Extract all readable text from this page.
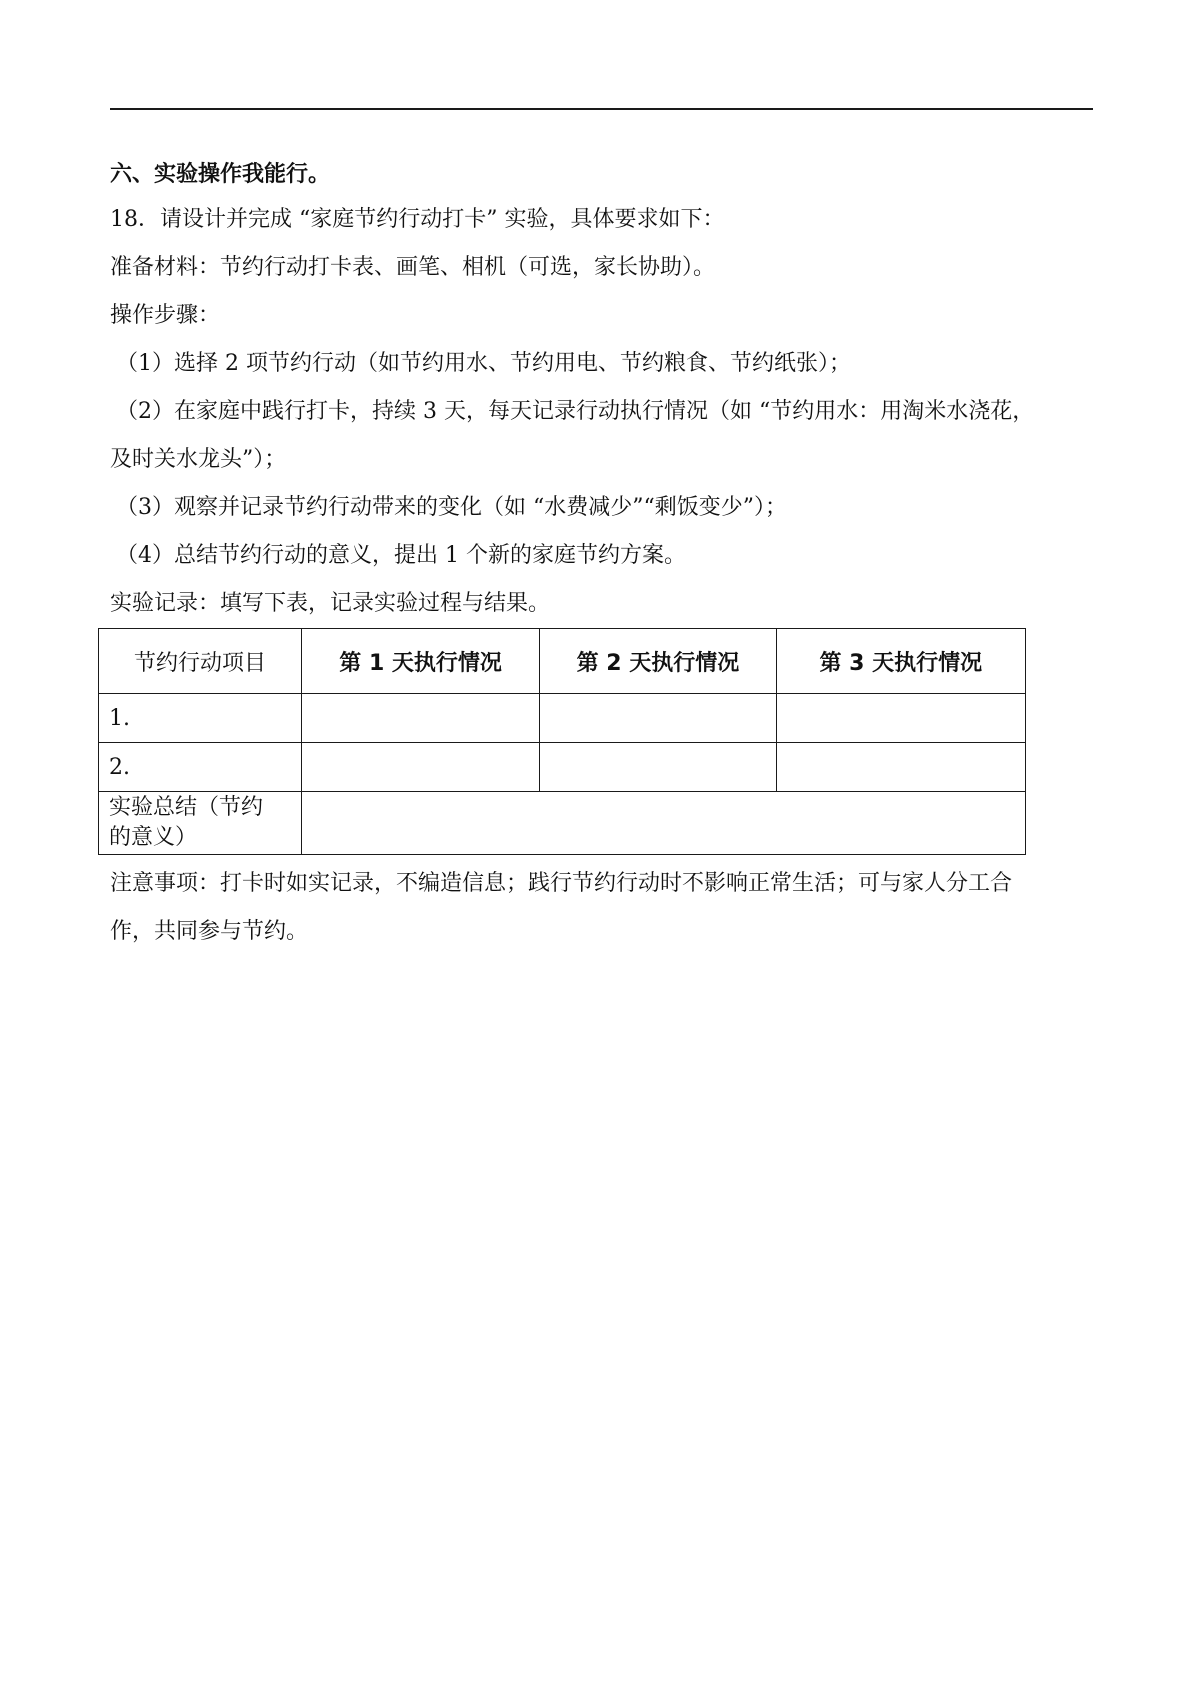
六、实验操作我能行。
18．请设计并完成 “家庭节约行动打卡” 实验，具体要求如下：
准备材料：节约行动打卡表、画笔、相机（可选，家长协助）。
操作步骤：
（1）选择 2 项节约行动（如节约用水、节约用电、节约粮食、节约纸张）；
（2）在家庭中践行打卡，持续 3 天，每天记录行动执行情况（如 “节约用水：用淘米水浇花，
及时关水龙头”）；
（3）观察并记录节约行动带来的变化（如 “水费减少”“剩饭变少”）；
（4）总结节约行动的意义，提出 1 个新的家庭节约方案。
实验记录：填写下表，记录实验过程与结果。
节约行动项目	第 1 天执行情况	第 2 天执行情况	第 3 天执行情况
1.			
2.			
实验总结（节约
的意义）			
注意事项：打卡时如实记录，不编造信息；践行节约行动时不影响正常生活；可与家人分工合
作，共同参与节约。
